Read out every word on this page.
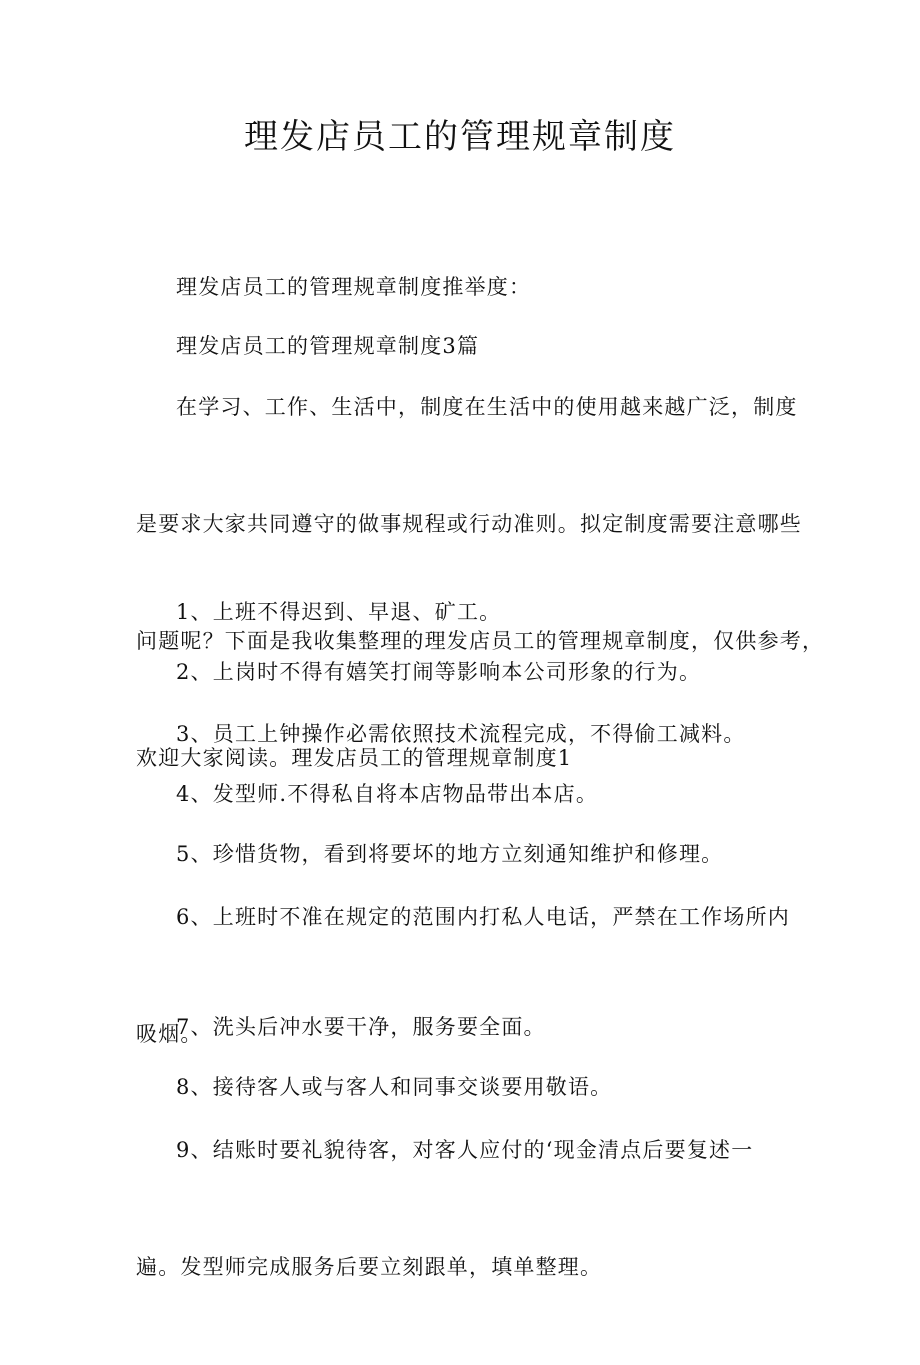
理发店员工的管理规章制度

理发店员工的管理规章制度推举度：

理发店员工的管理规章制度3篇

在学习、工作、生活中，制度在生活中的使用越来越广泛，制度

是要求大家共同遵守的做事规程或行动准则。拟定制度需要注意哪些

问题呢？下面是我收集整理的理发店员工的管理规章制度，仅供参考，

欢迎大家阅读。理发店员工的管理规章制度1

1、上班不得迟到、早退、矿工。

2、上岗时不得有嬉笑打闹等影响本公司形象的行为。

3、员工上钟操作必需依照技术流程完成，不得偷工减料。

4、发型师.不得私自将本店物品带出本店。

5、珍惜货物，看到将要坏的地方立刻通知维护和修理。

6、上班时不准在规定的范围内打私人电话，严禁在工作场所内

吸烟。

7、洗头后冲水要干净，服务要全面。

8、接待客人或与客人和同事交谈要用敬语。

9、结账时要礼貌待客，对客人应付的‘现金清点后要复述一

遍。发型师完成服务后要立刻跟单，填单整理。
